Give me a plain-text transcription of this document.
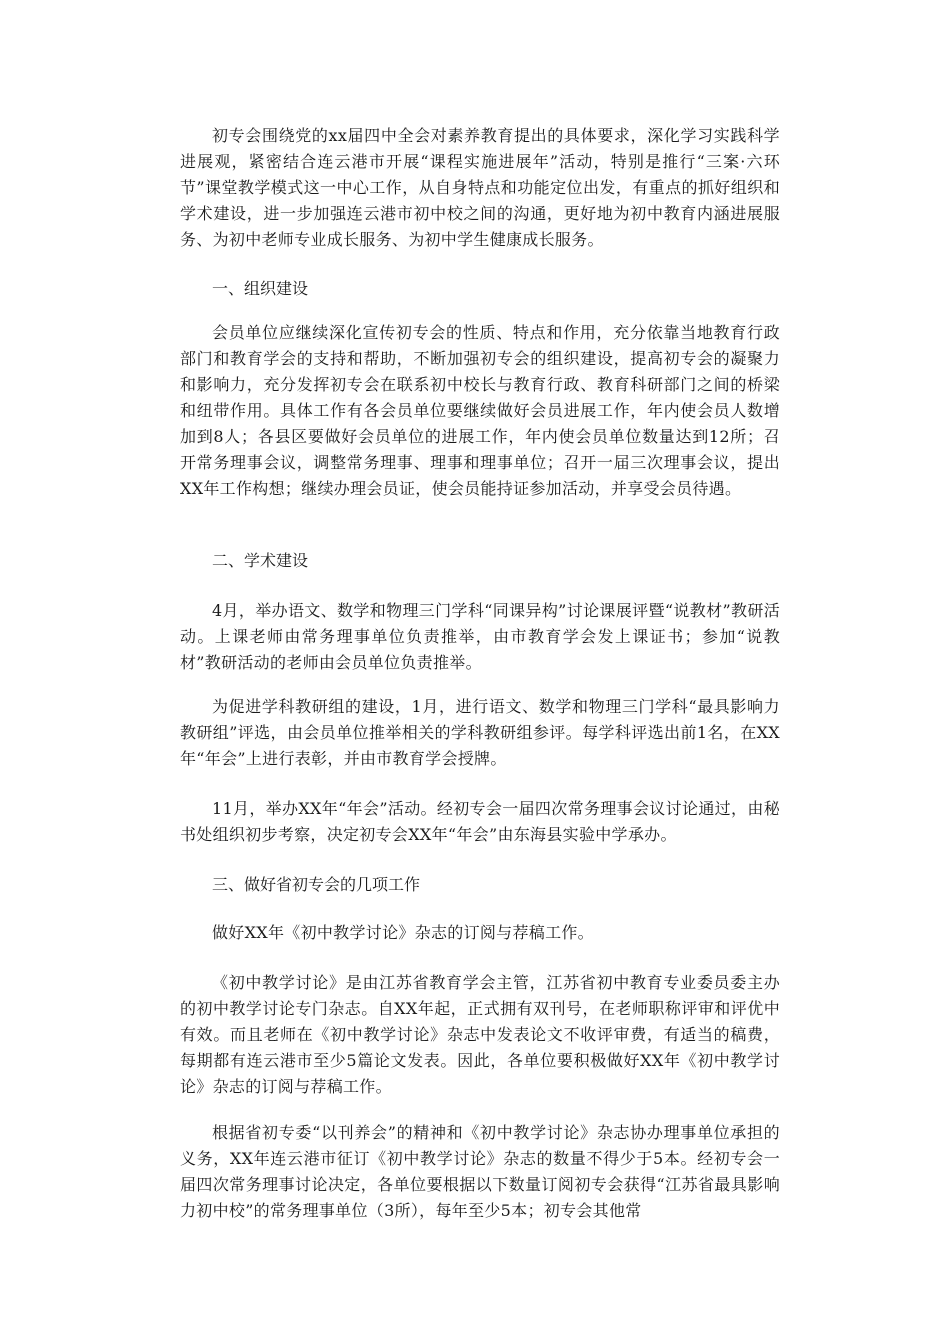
初专会围绕党的xx届四中全会对素养教育提出的具体要求，深化学习实践科学进展观，紧密结合连云港市开展“课程实施进展年”活动，特别是推行“三案·六环节”课堂教学模式这一中心工作，从自身特点和功能定位出发，有重点的抓好组织和学术建设，进一步加强连云港市初中校之间的沟通，更好地为初中教育内涵进展服务、为初中老师专业成长服务、为初中学生健康成长服务。

一、组织建设

会员单位应继续深化宣传初专会的性质、特点和作用，充分依靠当地教育行政部门和教育学会的支持和帮助，不断加强初专会的组织建设，提高初专会的凝聚力和影响力，充分发挥初专会在联系初中校长与教育行政、教育科研部门之间的桥梁和纽带作用。具体工作有各会员单位要继续做好会员进展工作，年内使会员人数增加到8人；各县区要做好会员单位的进展工作，年内使会员单位数量达到12所；召开常务理事会议，调整常务理事、理事和理事单位；召开一届三次理事会议，提出XX年工作构想；继续办理会员证，使会员能持证参加活动，并享受会员待遇。

二、学术建设

4月，举办语文、数学和物理三门学科“同课异构”讨论课展评暨“说教材”教研活动。上课老师由常务理事单位负责推举，由市教育学会发上课证书；参加“说教材”教研活动的老师由会员单位负责推举。

为促进学科教研组的建设，1月，进行语文、数学和物理三门学科“最具影响力教研组”评选，由会员单位推举相关的学科教研组参评。每学科评选出前1名，在XX年“年会”上进行表彰，并由市教育学会授牌。

11月，举办XX年“年会”活动。经初专会一届四次常务理事会议讨论通过，由秘书处组织初步考察，决定初专会XX年“年会”由东海县实验中学承办。

三、做好省初专会的几项工作

做好XX年《初中教学讨论》杂志的订阅与荐稿工作。

《初中教学讨论》是由江苏省教育学会主管，江苏省初中教育专业委员委主办的初中教学讨论专门杂志。自XX年起，正式拥有双刊号，在老师职称评审和评优中有效。而且老师在《初中教学讨论》杂志中发表论文不收评审费，有适当的稿费，每期都有连云港市至少5篇论文发表。因此，各单位要积极做好XX年《初中教学讨论》杂志的订阅与荐稿工作。

根据省初专委“以刊养会”的精神和《初中教学讨论》杂志协办理事单位承担的义务，XX年连云港市征订《初中教学讨论》杂志的数量不得少于5本。经初专会一届四次常务理事讨论决定，各单位要根据以下数量订阅初专会获得“江苏省最具影响力初中校”的常务理事单位（3所），每年至少5本；初专会其他常
